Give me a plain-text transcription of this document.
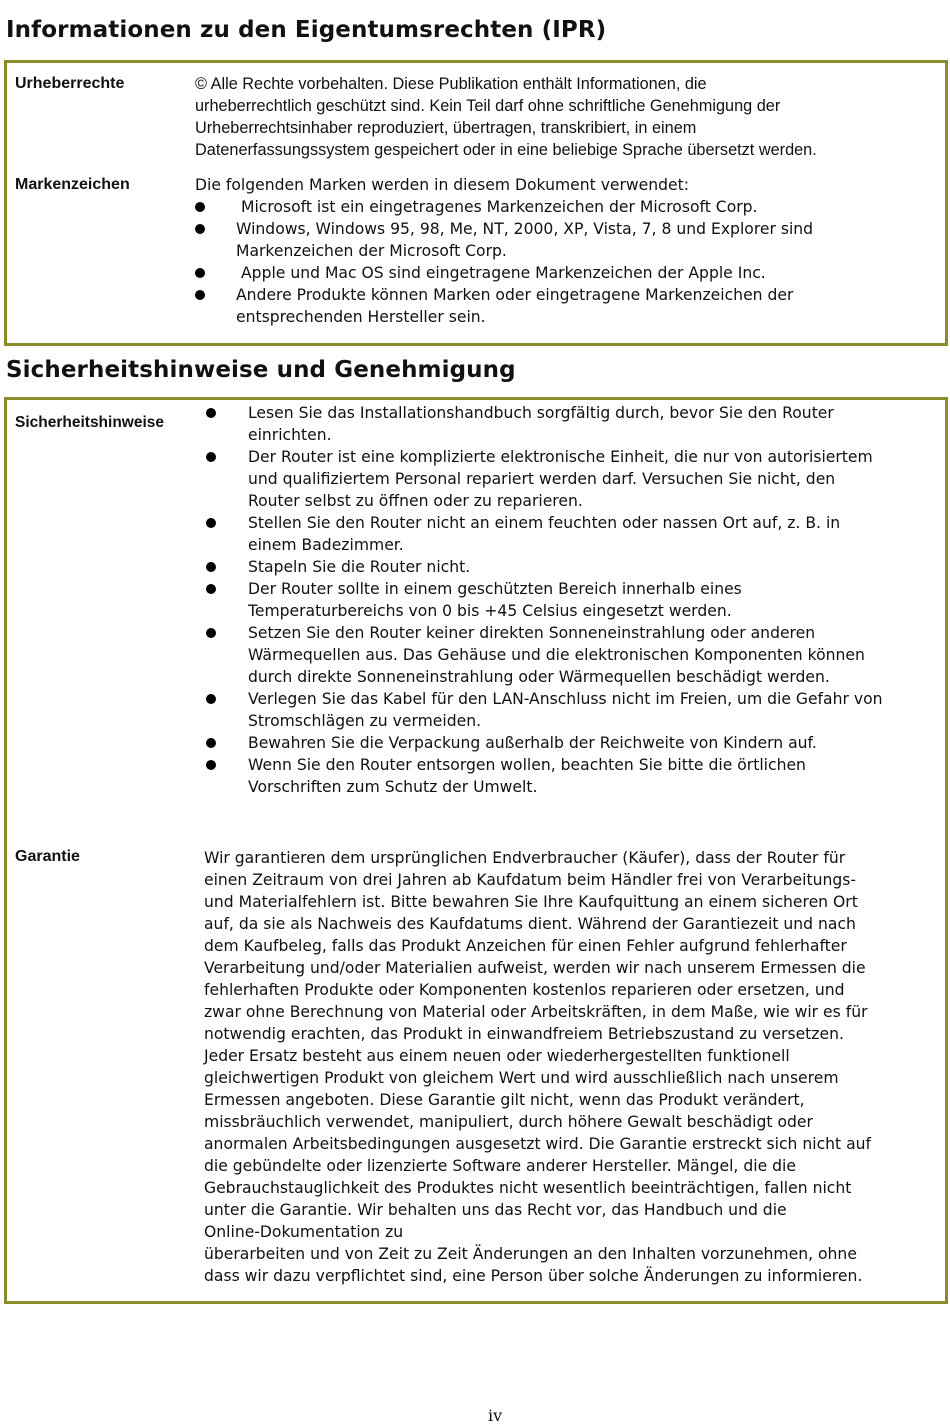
Informationen zu den Eigentumsrechten (IPR)
Urheberrechte	© Alle Rechte vorbehalten. Diese Publikation enthält Informationen, die
urheberrechtlich geschützt sind. Kein Teil darf ohne schriftliche Genehmigung der
Urheberrechtsinhaber reproduziert, übertragen, transkribiert, in einem
Datenerfassungssystem gespeichert oder in eine beliebige Sprache übersetzt werden.
Markenzeichen	Die folgenden Marken werden in diesem Dokument verwendet:
Microsoft ist ein eingetragenes Markenzeichen der Microsoft Corp.
Windows, Windows 95, 98, Me, NT, 2000, XP, Vista, 7, 8 und Explorer sind
Markenzeichen der Microsoft Corp.
Apple und Mac OS sind eingetragene Markenzeichen der Apple Inc.
Andere Produkte können Marken oder eingetragene Markenzeichen der
entsprechenden Hersteller sein.
Sicherheitshinweise und Genehmigung
Sicherheitshinweise
Lesen Sie das Installationshandbuch sorgfältig durch, bevor Sie den Router
einrichten.
Der Router ist eine komplizierte elektronische Einheit, die nur von autorisiertem
und qualifiziertem Personal repariert werden darf. Versuchen Sie nicht, den
Router selbst zu öffnen oder zu reparieren.
Stellen Sie den Router nicht an einem feuchten oder nassen Ort auf, z. B. in
einem Badezimmer.
Stapeln Sie die Router nicht.
Der Router sollte in einem geschützten Bereich innerhalb eines
Temperaturbereichs von 0 bis +45 Celsius eingesetzt werden.
Setzen Sie den Router keiner direkten Sonneneinstrahlung oder anderen
Wärmequellen aus. Das Gehäuse und die elektronischen Komponenten können
durch direkte Sonneneinstrahlung oder Wärmequellen beschädigt werden.
Verlegen Sie das Kabel für den LAN-Anschluss nicht im Freien, um die Gefahr von
Stromschlägen zu vermeiden.
Bewahren Sie die Verpackung außerhalb der Reichweite von Kindern auf.
Wenn Sie den Router entsorgen wollen, beachten Sie bitte die örtlichen
Vorschriften zum Schutz der Umwelt.
Garantie	Wir garantieren dem ursprünglichen Endverbraucher (Käufer), dass der Router für
einen Zeitraum von drei Jahren ab Kaufdatum beim Händler frei von Verarbeitungs-
und Materialfehlern ist. Bitte bewahren Sie Ihre Kaufquittung an einem sicheren Ort
auf, da sie als Nachweis des Kaufdatums dient. Während der Garantiezeit und nach
dem Kaufbeleg, falls das Produkt Anzeichen für einen Fehler aufgrund fehlerhafter
Verarbeitung und/oder Materialien aufweist, werden wir nach unserem Ermessen die
fehlerhaften Produkte oder Komponenten kostenlos reparieren oder ersetzen, und
zwar ohne Berechnung von Material oder Arbeitskräften, in dem Maße, wie wir es für
notwendig erachten, das Produkt in einwandfreiem Betriebszustand zu versetzen.
Jeder Ersatz besteht aus einem neuen oder wiederhergestellten funktionell
gleichwertigen Produkt von gleichem Wert und wird ausschließlich nach unserem
Ermessen angeboten. Diese Garantie gilt nicht, wenn das Produkt verändert,
missbräuchlich verwendet, manipuliert, durch höhere Gewalt beschädigt oder
anormalen Arbeitsbedingungen ausgesetzt wird. Die Garantie erstreckt sich nicht auf
die gebündelte oder lizenzierte Software anderer Hersteller. Mängel, die die
Gebrauchstauglichkeit des Produktes nicht wesentlich beeinträchtigen, fallen nicht
unter die Garantie. Wir behalten uns das Recht vor, das Handbuch und die
Online-Dokumentation zu
überarbeiten und von Zeit zu Zeit Änderungen an den Inhalten vorzunehmen, ohne
dass wir dazu verpflichtet sind, eine Person über solche Änderungen zu informieren.
iv
